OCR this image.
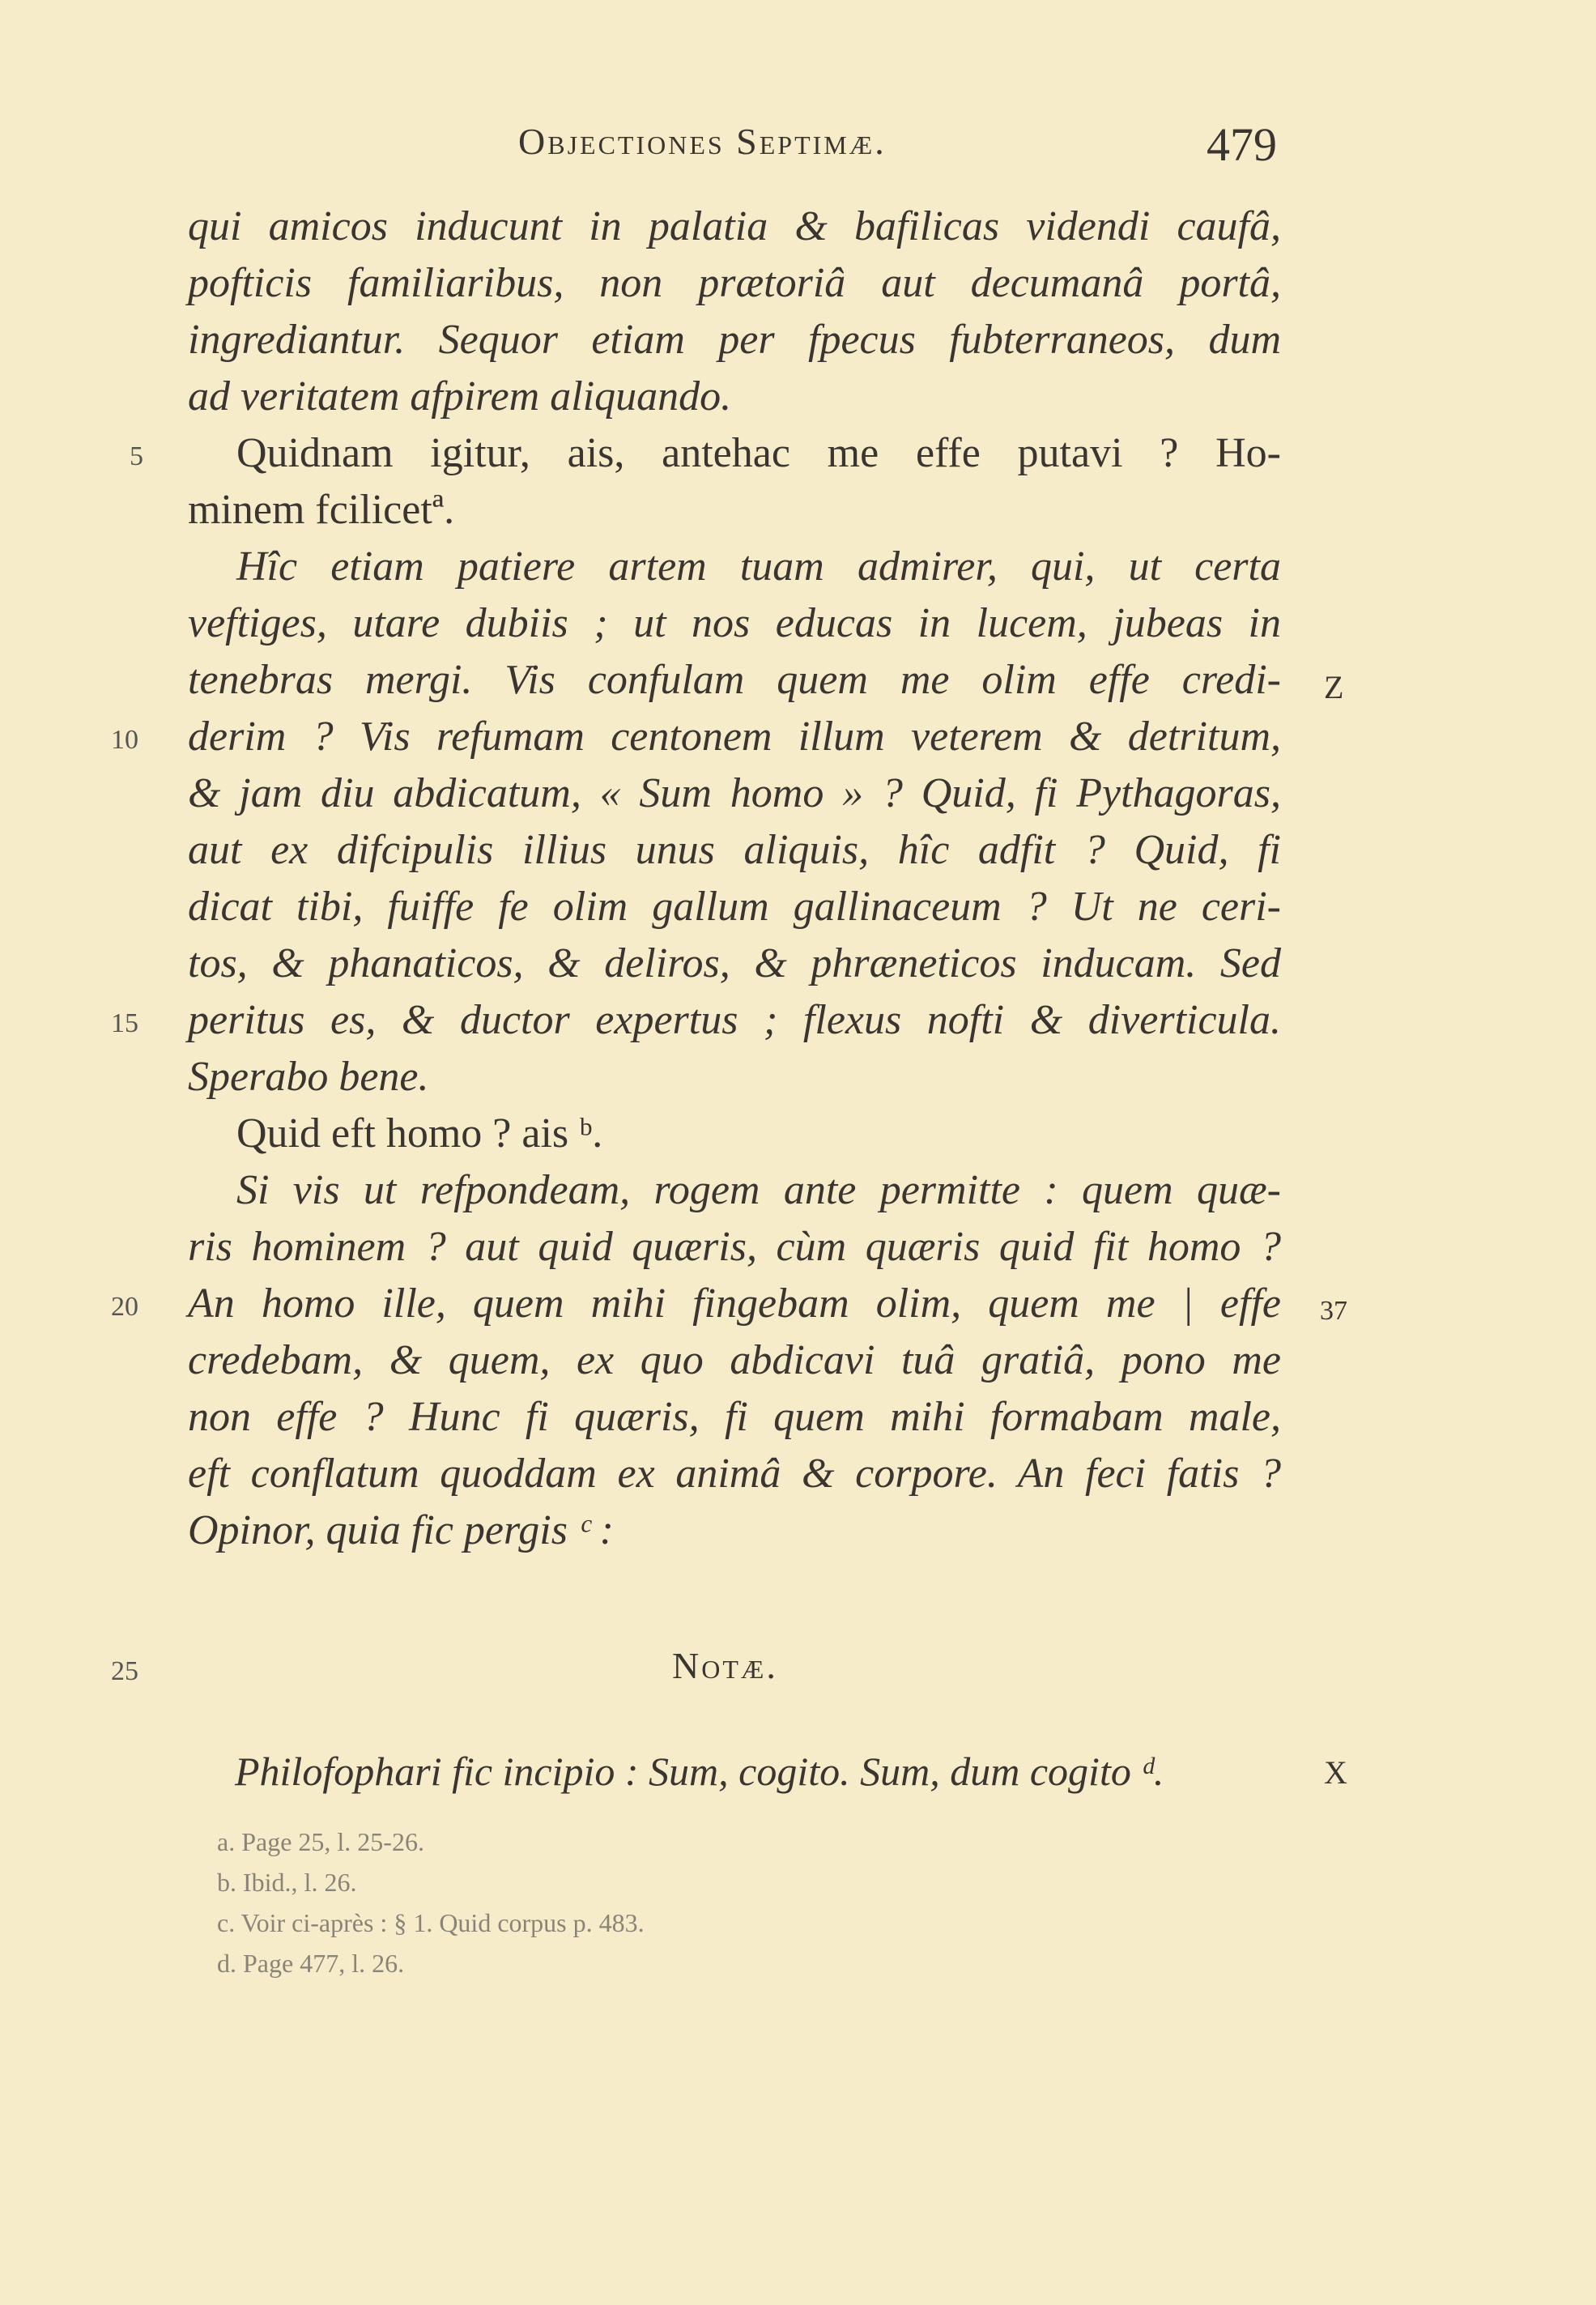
Objectiones Septimæ.	479
qui amicos inducunt in palatia & bafilicas videndi caufâ,
pofticis familiaribus, non prætoriâ aut decumanâ portâ,
ingrediantur. Sequor etiam per fpecus fubterraneos, dum
ad veritatem afpirem aliquando.
Quidnam igitur, ais, antehac me effe putavi ? Ho-
minem fcilicetª.
Hîc etiam patiere artem tuam admirer, qui, ut certa
veftiges, utare dubiis ; ut nos educas in lucem, jubeas in
tenebras mergi. Vis confulam quem me olim effe credi-
derim ? Vis refumam centonem illum veterem & detritum,
& jam diu abdicatum, « Sum homo » ? Quid, fi Pythagoras,
aut ex difcipulis illius unus aliquis, hîc adfit ? Quid, fi
dicat tibi, fuiffe fe olim gallum gallinaceum ? Ut ne ceri-
tos, & phanaticos, & deliros, & phræneticos inducam. Sed
peritus es, & ductor expertus ; flexus nofti & diverticula.
Sperabo bene.
Quid eft homo ? ais ᵇ.
Si vis ut refpondeam, rogem ante permitte : quem quæ-
ris hominem ? aut quid quæris, cùm quæris quid fit homo ?
An homo ille, quem mihi fingebam olim, quem me | effe
credebam, & quem, ex quo abdicavi tuâ gratiâ, pono me
non effe ? Hunc fi quæris, fi quem mihi formabam male,
eft conflatum quoddam ex animâ & corpore. An feci fatis ?
Opinor, quia fic pergis ᶜ :
5
10
15
20
25
Z
37
X
Notæ.
Philofophari fic incipio : Sum, cogito. Sum, dum cogito ᵈ.
a. Page 25, l. 25-26.
b. Ibid., l. 26.
c. Voir ci-après : § 1. Quid corpus p. 483.
d. Page 477, l. 26.
